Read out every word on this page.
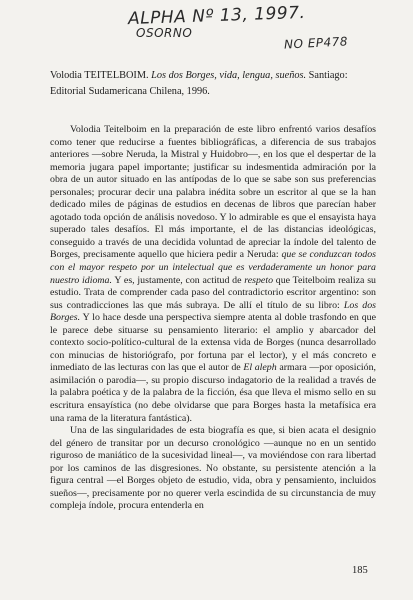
ALPHA Nº 13, 1997.
OSORNO
NO EP478
Volodia TEITELBOIM. Los dos Borges, vida, lengua, sueños. Santiago: Editorial Sudamericana Chilena, 1996.

Volodia Teitelboim en la preparación de este libro enfrentó varios desafíos como tener que reducirse a fuentes bibliográficas, a diferencia de sus trabajos anteriores —sobre Neruda, la Mistral y Huidobro—, en los que el despertar de la memoria jugara papel importante; justificar su indesmentida admiración por la obra de un autor situado en las antípodas de lo que se sabe son sus preferencias personales; procurar decir una palabra inédita sobre un escritor al que se la han dedicado miles de páginas de estudios en decenas de libros que parecían haber agotado toda opción de análisis novedoso. Y lo admirable es que el ensayista haya superado tales desafíos. El más importante, el de las distancias ideológicas, conseguido a través de una decidida voluntad de apreciar la índole del talento de Borges, precisamente aquello que hiciera pedir a Neruda: que se conduzcan todos con el mayor respeto por un intelectual que es verdaderamente un honor para nuestro idioma. Y es, justamente, con actitud de respeto que Teitelboim realiza su estudio. Trata de comprender cada paso del contradictorio escritor argentino: son sus contradicciones las que más subraya. De allí el título de su libro: Los dos Borges. Y lo hace desde una perspectiva siempre atenta al doble trasfondo en que le parece debe situarse su pensamiento literario: el amplio y abarcador del contexto socio-político-cultural de la extensa vida de Borges (nunca desarrollado con minucias de historiógrafo, por fortuna par el lector), y el más concreto e inmediato de las lecturas con las que el autor de El aleph armara —por oposición, asimilación o parodia—, su propio discurso indagatorio de la realidad a través de la palabra poética y de la palabra de la ficción, ésa que lleva el mismo sello en su escritura ensayística (no debe olvidarse que para Borges hasta la metafísica era una rama de la literatura fantástica).

Una de las singularidades de esta biografía es que, si bien acata el designio del género de transitar por un decurso cronológico —aunque no en un sentido riguroso de maniático de la sucesividad lineal—, va moviéndose con rara libertad por los caminos de las disgresiones. No obstante, su persistente atención a la figura central —el Borges objeto de estudio, vida, obra y pensamiento, incluidos sueños—, precisamente por no querer verla escindida de su circunstancia de muy compleja índole, procura entenderla en

185
